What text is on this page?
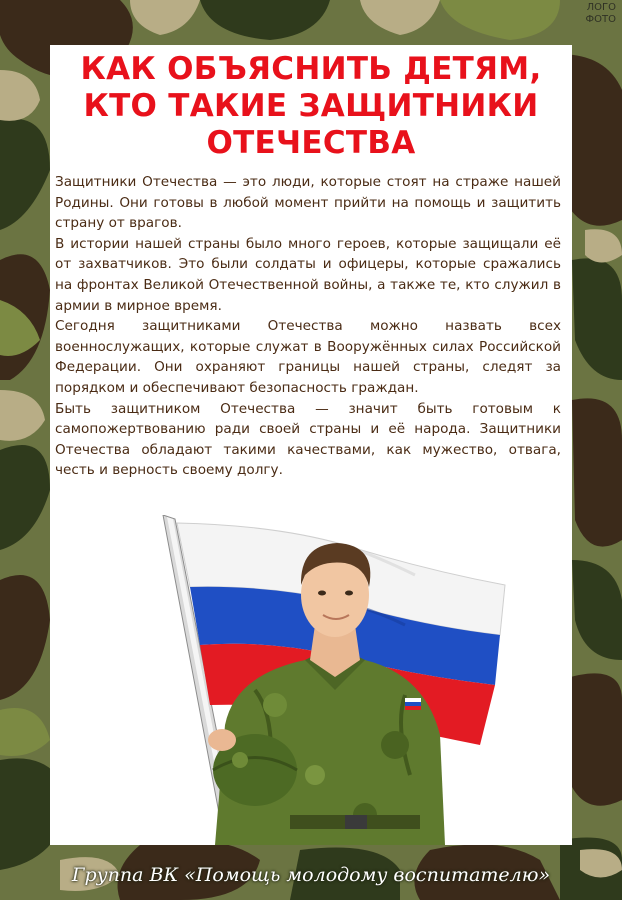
ЛОГО
ФОТО
КАК ОБЪЯСНИТЬ ДЕТЯМ,
КТО ТАКИЕ ЗАЩИТНИКИ
ОТЕЧЕСТВА

Защитники Отечества — это люди, которые стоят на страже нашей Родины. Они готовы в любой момент прийти на помощь и защитить страну от врагов.

В истории нашей страны было много героев, которые защищали её от захватчиков. Это были солдаты и офицеры, которые сражались на фронтах Великой Отечественной войны, а также те, кто служил в армии в мирное время.

Сегодня защитниками Отечества можно назвать всех военнослужащих, которые служат в Вооружённых силах Российской Федерации. Они охраняют границы нашей страны, следят за порядком и обеспечивают безопасность граждан.

Быть защитником Отечества — значит быть готовым к самопожертвованию ради своей страны и её народа. Защитники Отечества обладают такими качествами, как мужество, отвага, честь и верность своему долгу.

Группа ВК «Помощь молодому воспитателю»
